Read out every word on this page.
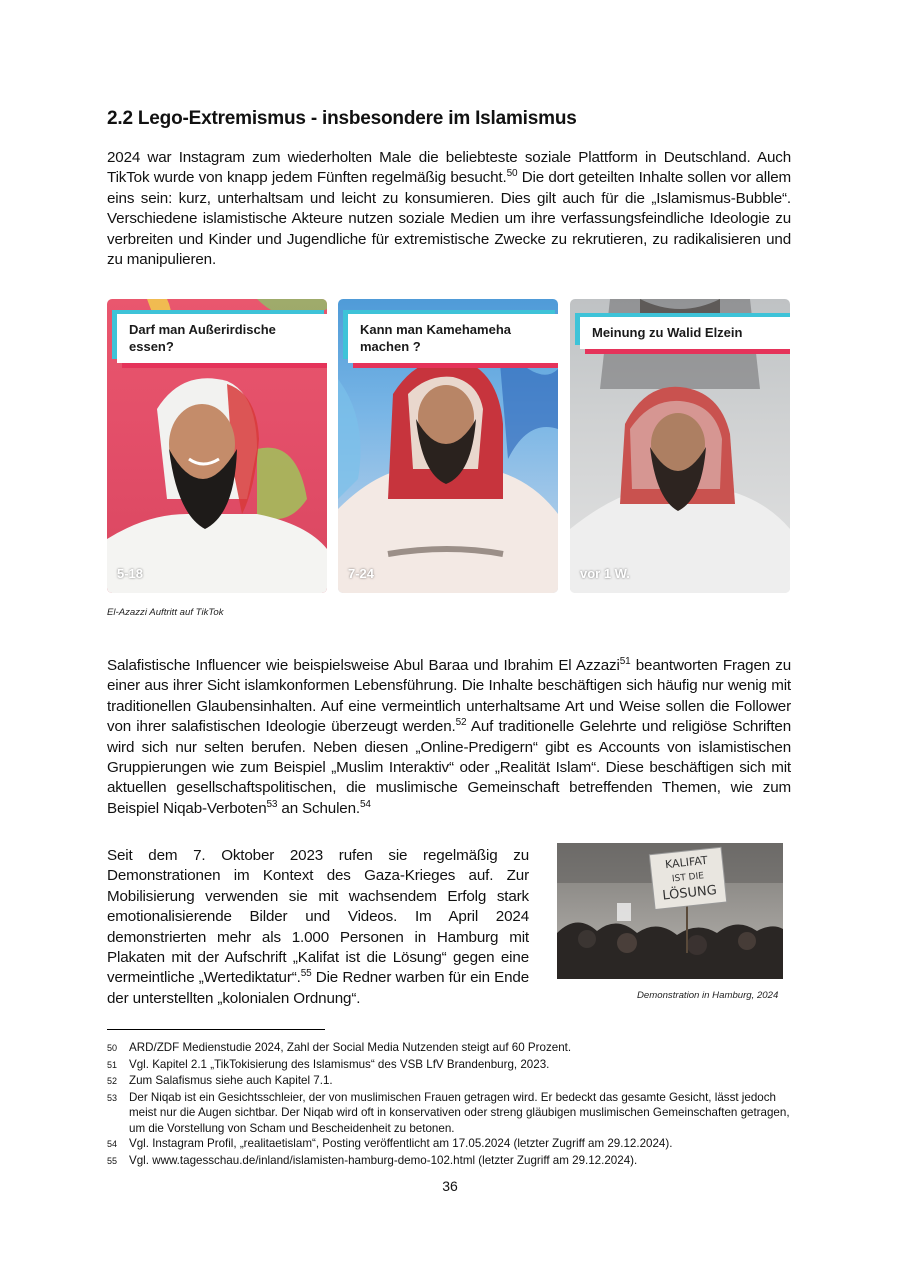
2.2 Lego-Extremismus - insbesondere im Islamismus

2024 war Instagram zum wiederholten Male die beliebteste soziale Plattform in Deutschland. Auch TikTok wurde von knapp jedem Fünften regelmäßig besucht.$^{50}$ Die dort geteilten Inhalte sollen vor allem eins sein: kurz, unterhaltsam und leicht zu konsumieren. Dies gilt auch für die „Islamismus-Bubble“. Verschiedene islamistische Akteure nutzen soziale Medien um ihre verfassungsfeindliche Ideologie zu verbreiten und Kinder und Jugendliche für extremistische Zwecke zu rekrutieren, zu radikalisieren und zu manipulieren.

Darf man Außerirdische essen?
5-18
Kann man Kamehameha machen ?
7-24
Meinung zu Walid Elzein
vor 1 W.
El-Azazzi Auftritt auf TikTok

Salafistische Influencer wie beispielsweise Abul Baraa und Ibrahim El Azzazi$^{51}$ beantworten Fragen zu einer aus ihrer Sicht islamkonformen Lebensführung. Die Inhalte beschäftigen sich häufig nur wenig mit traditionellen Glaubensinhalten. Auf eine vermeintlich unterhaltsame Art und Weise sollen die Follower von ihrer salafistischen Ideologie überzeugt werden.$^{52}$ Auf traditionelle Gelehrte und religiöse Schriften wird sich nur selten berufen. Neben diesen „Online-Predigern“ gibt es Accounts von islamistischen Gruppierungen wie zum Beispiel „Muslim Interaktiv“ oder „Realität Islam“. Diese beschäftigen sich mit aktuellen gesellschaftspolitischen, die muslimische Gemeinschaft betreffenden Themen, wie zum Beispiel Niqab-Verboten$^{53}$ an Schulen.$^{54}$

Seit dem 7. Oktober 2023 rufen sie regelmäßig zu Demonstrationen im Kontext des Gaza-Krieges auf. Zur Mobilisierung verwenden sie mit wachsendem Erfolg stark emotionalisierende Bilder und Videos. Im April 2024 demonstrierten mehr als 1.000 Personen in Hamburg mit Plakaten mit der Aufschrift „Kalifat ist die Lösung“ gegen eine vermeintliche „Wertediktatur“.$^{55}$ Die Redner warben für ein Ende der unterstellten „kolonialen Ordnung“.

KALIFAT
IST DIE
LÖSUNG
Demonstration in Hamburg, 2024
50	ARD/ZDF Medienstudie 2024, Zahl der Social Media Nutzenden steigt auf 60 Prozent.
51	Vgl. Kapitel 2.1 „TikTokisierung des Islamismus“ des VSB LfV Brandenburg, 2023.
52	Zum Salafismus siehe auch Kapitel 7.1.
53	Der Niqab ist ein Gesichtsschleier, der von muslimischen Frauen getragen wird. Er bedeckt das gesamte Gesicht, lässt jedoch meist nur die Augen sichtbar. Der Niqab wird oft in konservativen oder streng gläubigen muslimischen Gemeinschaften getragen, um die Vorstellung von Scham und Bescheidenheit zu betonen.
54	Vgl. Instagram Profil, „realitaetislam“, Posting veröffentlicht am 17.05.2024 (letzter Zugriff am 29.12.2024).
55	Vgl. www.tagesschau.de/inland/islamisten-hamburg-demo-102.html (letzter Zugriff am 29.12.2024).
36
